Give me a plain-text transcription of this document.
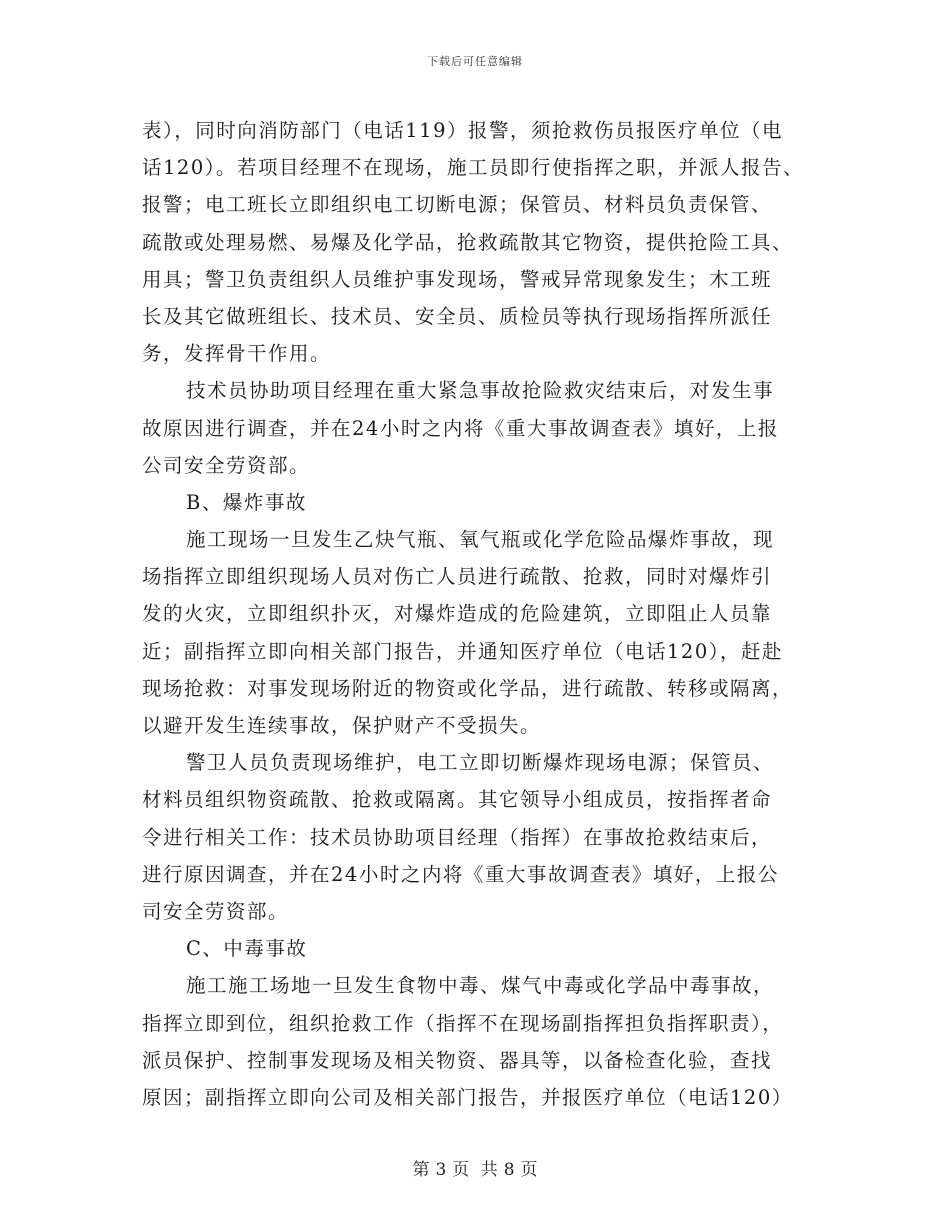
下载后可任意编辑
表），同时向消防部门（电话119）报警，须抢救伤员报医疗单位（电
话120）。若项目经理不在现场，施工员即行使指挥之职，并派人报告、
报警；电工班长立即组织电工切断电源；保管员、材料员负责保管、
疏散或处理易燃、易爆及化学品，抢救疏散其它物资，提供抢险工具、
用具；警卫负责组织人员维护事发现场，警戒异常现象发生；木工班
长及其它做班组长、技术员、安全员、质检员等执行现场指挥所派任
务，发挥骨干作用。
技术员协助项目经理在重大紧急事故抢险救灾结束后，对发生事
故原因进行调查，并在24小时之内将《重大事故调查表》填好，上报
公司安全劳资部。
B、爆炸事故
施工现场一旦发生乙炔气瓶、氧气瓶或化学危险品爆炸事故，现
场指挥立即组织现场人员对伤亡人员进行疏散、抢救，同时对爆炸引
发的火灾，立即组织扑灭，对爆炸造成的危险建筑，立即阻止人员靠
近；副指挥立即向相关部门报告，并通知医疗单位（电话120），赶赴
现场抢救：对事发现场附近的物资或化学品，进行疏散、转移或隔离，
以避开发生连续事故，保护财产不受损失。
警卫人员负责现场维护，电工立即切断爆炸现场电源；保管员、
材料员组织物资疏散、抢救或隔离。其它领导小组成员，按指挥者命
令进行相关工作：技术员协助项目经理（指挥）在事故抢救结束后，
进行原因调查，并在24小时之内将《重大事故调查表》填好，上报公
司安全劳资部。
C、中毒事故
施工施工场地一旦发生食物中毒、煤气中毒或化学品中毒事故，
指挥立即到位，组织抢救工作（指挥不在现场副指挥担负指挥职责），
派员保护、控制事发现场及相关物资、器具等，以备检查化验，查找
原因；副指挥立即向公司及相关部门报告，并报医疗单位（电话120）
第 3 页 共 8 页
